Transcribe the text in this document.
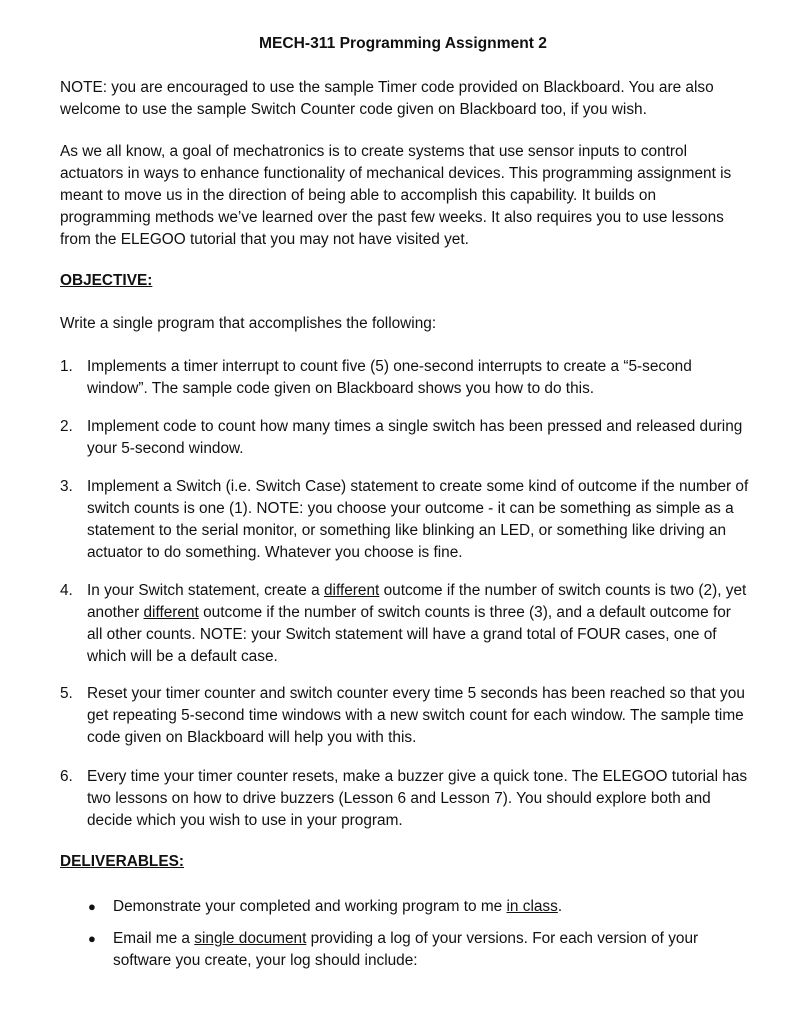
MECH-311 Programming Assignment 2

NOTE: you are encouraged to use the sample Timer code provided on Blackboard. You are also welcome to use the sample Switch Counter code given on Blackboard too, if you wish.

As we all know, a goal of mechatronics is to create systems that use sensor inputs to control actuators in ways to enhance functionality of mechanical devices. This programming assignment is meant to move us in the direction of being able to accomplish this capability. It builds on programming methods we’ve learned over the past few weeks. It also requires you to use lessons from the ELEGOO tutorial that you may not have visited yet.

OBJECTIVE:

Write a single program that accomplishes the following:

1. Implements a timer interrupt to count five (5) one-second interrupts to create a “5-second window”. The sample code given on Blackboard shows you how to do this.
2. Implement code to count how many times a single switch has been pressed and released during your 5-second window.
3. Implement a Switch (i.e. Switch Case) statement to create some kind of outcome if the number of switch counts is one (1). NOTE: you choose your outcome - it can be something as simple as a statement to the serial monitor, or something like blinking an LED, or something like driving an actuator to do something. Whatever you choose is fine.
4. In your Switch statement, create a different outcome if the number of switch counts is two (2), yet another different outcome if the number of switch counts is three (3), and a default outcome for all other counts. NOTE: your Switch statement will have a grand total of FOUR cases, one of which will be a default case.
5. Reset your timer counter and switch counter every time 5 seconds has been reached so that you get repeating 5-second time windows with a new switch count for each window. The sample time code given on Blackboard will help you with this.
6. Every time your timer counter resets, make a buzzer give a quick tone. The ELEGOO tutorial has two lessons on how to drive buzzers (Lesson 6 and Lesson 7). You should explore both and decide which you wish to use in your program.

DELIVERABLES:

● Demonstrate your completed and working program to me in class.
● Email me a single document providing a log of your versions. For each version of your software you create, your log should include:
